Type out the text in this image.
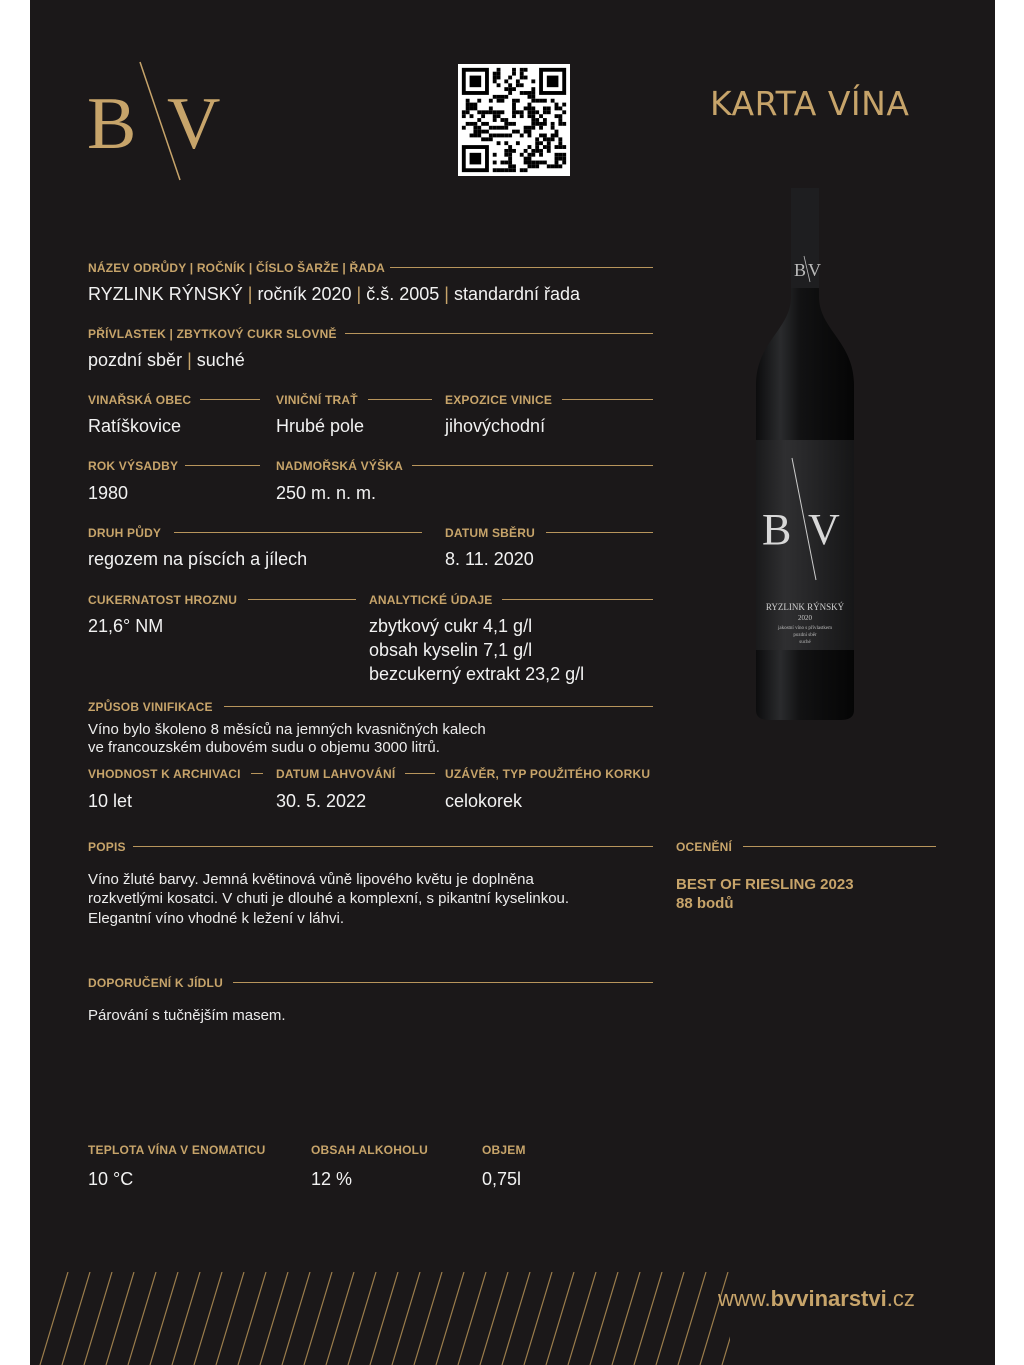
B V	KARTA VÍNA
NÁZEV ODRŮDY | ROČNÍK | ČÍSLO ŠARŽE | ŘADA
RYZLINK RÝNSKÝ | ročník 2020 | č.š. 2005 | standardní řada
PŘÍVLASTEK | ZBYTKOVÝ CUKR SLOVNĚ
pozdní sběr | suché
VINAŘSKÁ OBEC
Ratíškovice
VINIČNÍ TRAŤ
Hrubé pole
EXPOZICE VINICE
jihovýchodní
ROK VÝSADBY
1980
NADMOŘSKÁ VÝŠKA
250 m. n. m.
DRUH PŮDY
regozem na píscích a jílech
DATUM SBĚRU
8. 11. 2020
CUKERNATOST HROZNU
21,6° NM
ANALYTICKÉ ÚDAJE
zbytkový cukr 4,1 g/l
obsah kyselin 7,1 g/l
bezcukerný extrakt 23,2 g/l
ZPŮSOB VINIFIKACE
Víno bylo školeno 8 měsíců na jemných kvasničných kalech
ve francouzském dubovém sudu o objemu 3000 litrů.
VHODNOST K ARCHIVACI
10 let
DATUM LAHVOVÁNÍ
30. 5. 2022
UZÁVĚR, TYP POUŽITÉHO KORKU
celokorek
POPIS
Víno žluté barvy. Jemná květinová vůně lipového květu je doplněna
rozkvetlými kosatci. V chuti je dlouhé a komplexní, s pikantní kyselinkou.
Elegantní víno vhodné k ležení v láhvi.
OCENĚNÍ
BEST OF RIESLING 2023
88 bodů
DOPORUČENÍ K JÍDLU
Párování s tučnějším masem.
TEPLOTA VÍNA V ENOMATICU
10 °C
OBSAH ALKOHOLU
12 %
OBJEM
0,75l
B V
B V
RYZLINK RÝNSKÝ
2020
jakostní víno s přívlastkem
pozdní sběr
suché
www.bvvinarstvi.cz
